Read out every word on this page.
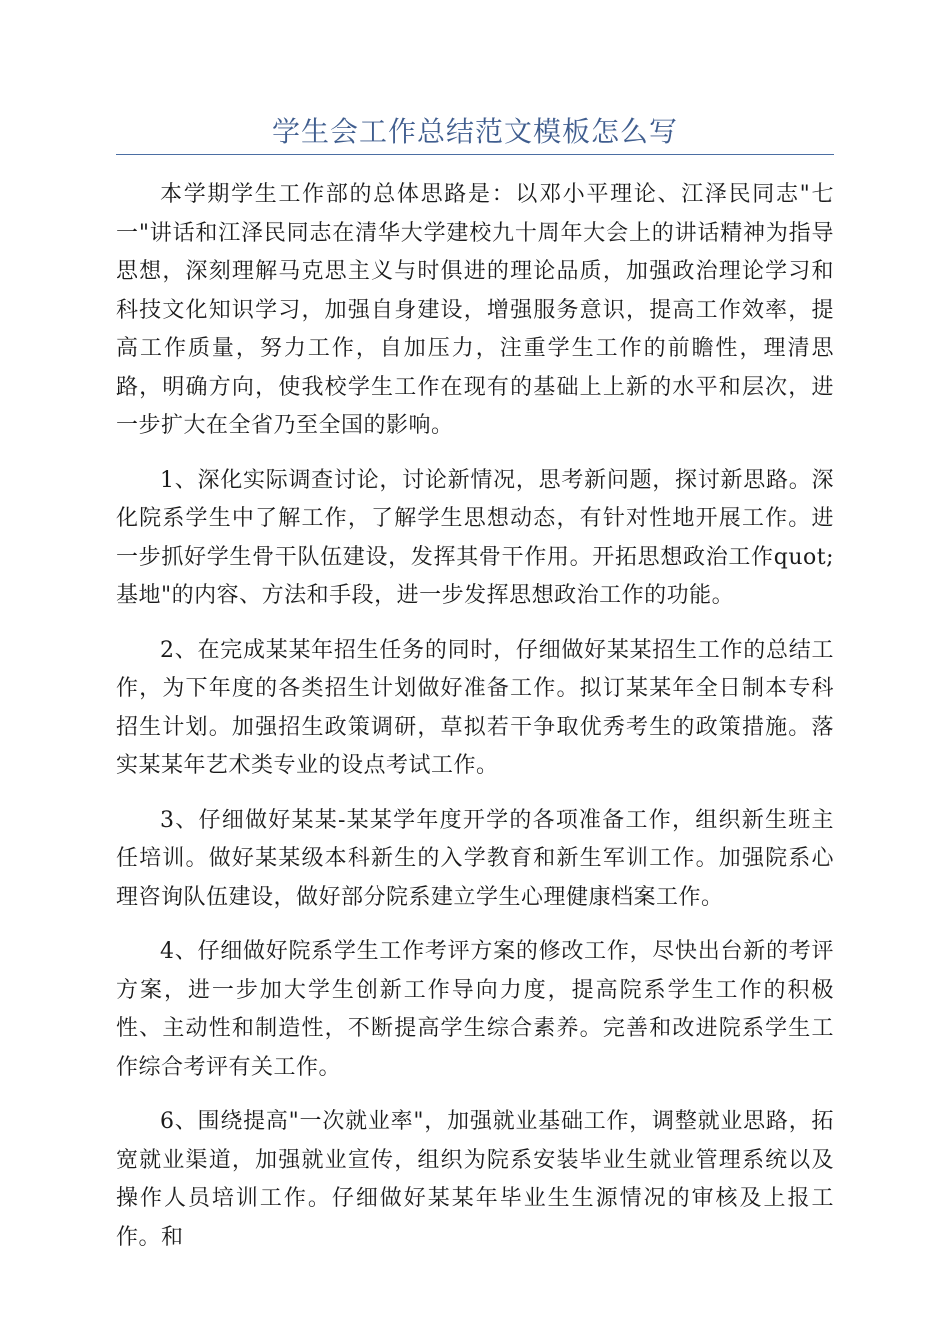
学生会工作总结范文模板怎么写

本学期学生工作部的总体思路是：以邓小平理论、江泽民同志"七一"讲话和江泽民同志在清华大学建校九十周年大会上的讲话精神为指导思想，深刻理解马克思主义与时俱进的理论品质，加强政治理论学习和科技文化知识学习，加强自身建设，增强服务意识，提高工作效率，提高工作质量，努力工作，自加压力，注重学生工作的前瞻性，理清思路，明确方向，使我校学生工作在现有的基础上上新的水平和层次，进一步扩大在全省乃至全国的影响。

1、深化实际调查讨论，讨论新情况，思考新问题，探讨新思路。深化院系学生中了解工作，了解学生思想动态，有针对性地开展工作。进一步抓好学生骨干队伍建设，发挥其骨干作用。开拓思想政治工作quot;基地"的内容、方法和手段，进一步发挥思想政治工作的功能。

2、在完成某某年招生任务的同时，仔细做好某某招生工作的总结工作，为下年度的各类招生计划做好准备工作。拟订某某年全日制本专科招生计划。加强招生政策调研，草拟若干争取优秀考生的政策措施。落实某某年艺术类专业的设点考试工作。

3、仔细做好某某-某某学年度开学的各项准备工作，组织新生班主任培训。做好某某级本科新生的入学教育和新生军训工作。加强院系心理咨询队伍建设，做好部分院系建立学生心理健康档案工作。

4、仔细做好院系学生工作考评方案的修改工作，尽快出台新的考评方案，进一步加大学生创新工作导向力度，提高院系学生工作的积极性、主动性和制造性，不断提高学生综合素养。完善和改进院系学生工作综合考评有关工作。

6、围绕提高"一次就业率"，加强就业基础工作，调整就业思路，拓宽就业渠道，加强就业宣传，组织为院系安装毕业生就业管理系统以及操作人员培训工作。仔细做好某某年毕业生生源情况的审核及上报工作。和
